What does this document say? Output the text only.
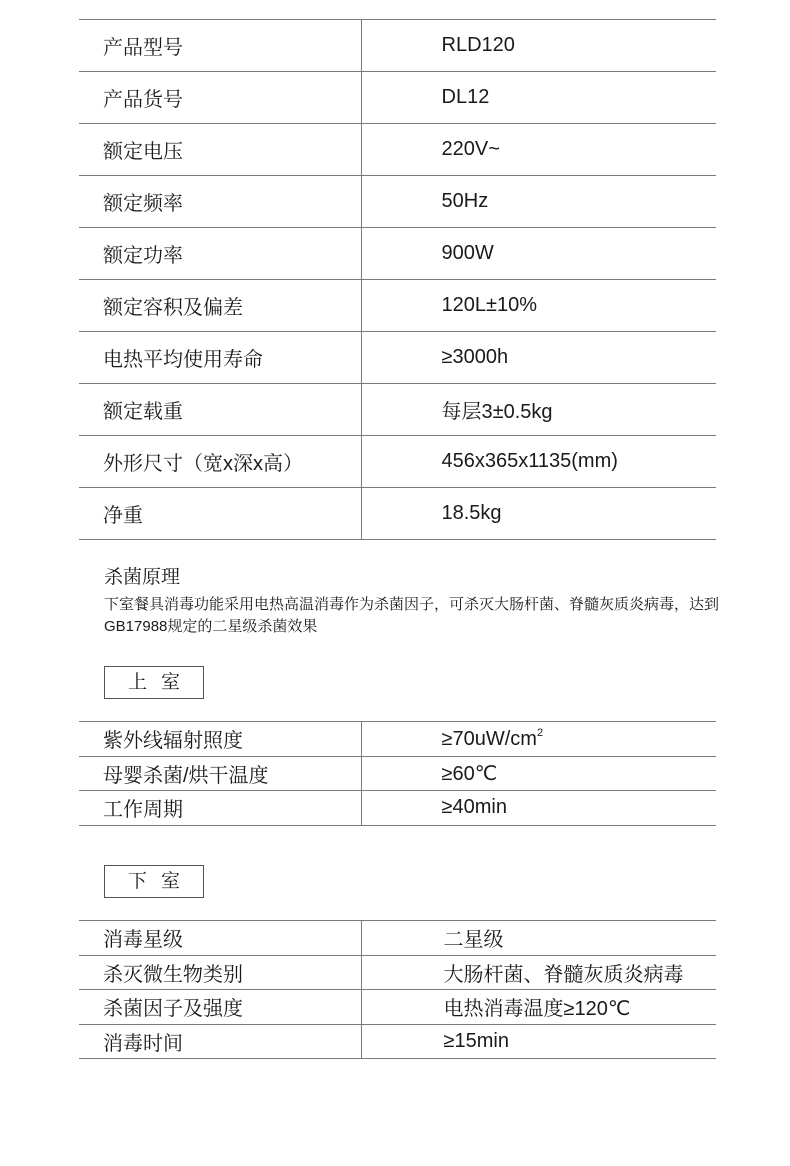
产品型号	RLD120
产品货号	DL12
额定电压	220V~
额定频率	50Hz
额定功率	900W
额定容积及偏差	120L±10%
电热平均使用寿命	≥3000h
额定载重	每层3±0.5kg
外形尺寸（宽x深x高）	456x365x1135(mm)
净重	18.5kg
杀菌原理
下室餐具消毒功能采用电热高温消毒作为杀菌因子，可杀灭大肠杆菌、脊髓灰质炎病毒，达到GB17988规定的二星级杀菌效果
上室
紫外线辐射照度	$\ge 70uW/cm^2$
母婴杀菌/烘干温度	≥60℃
工作周期	≥40min
下室
消毒星级	二星级
杀灭微生物类别	大肠杆菌、脊髓灰质炎病毒
杀菌因子及强度	电热消毒温度≥120℃
消毒时间	≥15min
